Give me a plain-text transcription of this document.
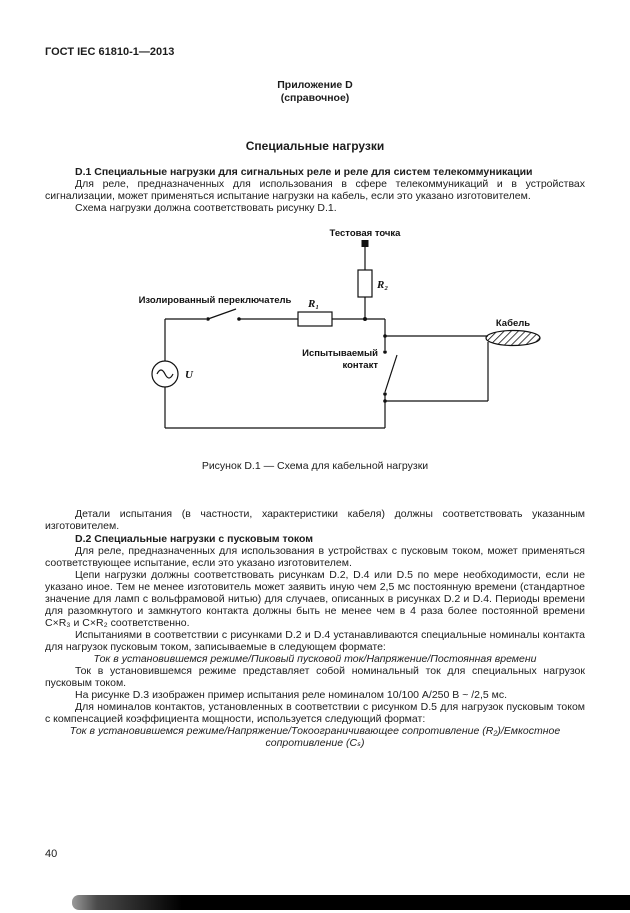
ГОСТ IEC 61810-1—2013
Приложение D
(справочное)
Специальные нагрузки
D.1 Специальные нагрузки для сигнальных реле и реле для систем телекоммуникации

Для реле, предназначенных для использования в сфере телекоммуникаций и в устройствах сигнализации, может применяться испытание нагрузки на кабель, если это указано изготовителем.

Схема нагрузки должна соответствовать рисунку D.1.

Тестовая точка
R₂
Изолированный переключатель R₁
Испытываемый
контакт
Кабель
U
Рисунок D.1 — Схема для кабельной нагрузки

Детали испытания (в частности, характеристики кабеля) должны соответствовать указанным изготовителем.

D.2 Специальные нагрузки с пусковым током

Для реле, предназначенных для использования в устройствах с пусковым током, может применяться соответствующее испытание, если это указано изготовителем.

Цепи нагрузки должны соответствовать рисункам D.2, D.4 или D.5 по мере необходимости, если не указано иное. Тем не менее изготовитель может заявить иную чем 2,5 мс постоянную времени (стандартное значение для ламп с вольфрамовой нитью) для случаев, описанных в рисунках D.2 и D.4. Периоды времени для разомкнутого и замкнутого контакта должны быть не менее чем в 4 раза более постоянной времени C×R₃ и C×R₂ соответственно.

Испытаниями в соответствии с рисунками D.2 и D.4 устанавливаются специальные номиналы контакта для нагрузок пусковым током, записываемые в следующем формате:

Ток в установившемся режиме/Пиковый пусковой ток/Напряжение/Постоянная времени

Ток в установившемся режиме представляет собой номинальный ток для специальных нагрузок пусковым током.

На рисунке D.3 изображен пример испытания реле номиналом 10/100 А/250 В ~ /2,5 мс.

Для номиналов контактов, установленных в соответствии с рисунком D.5 для нагрузок пусковым током с компенсацией коэффициента мощности, используется следующий формат:

Ток в установившемся режиме/Напряжение/Токоограничивающее сопротивление (R₂)/Емкостное сопротивление (Cₛ)

40
